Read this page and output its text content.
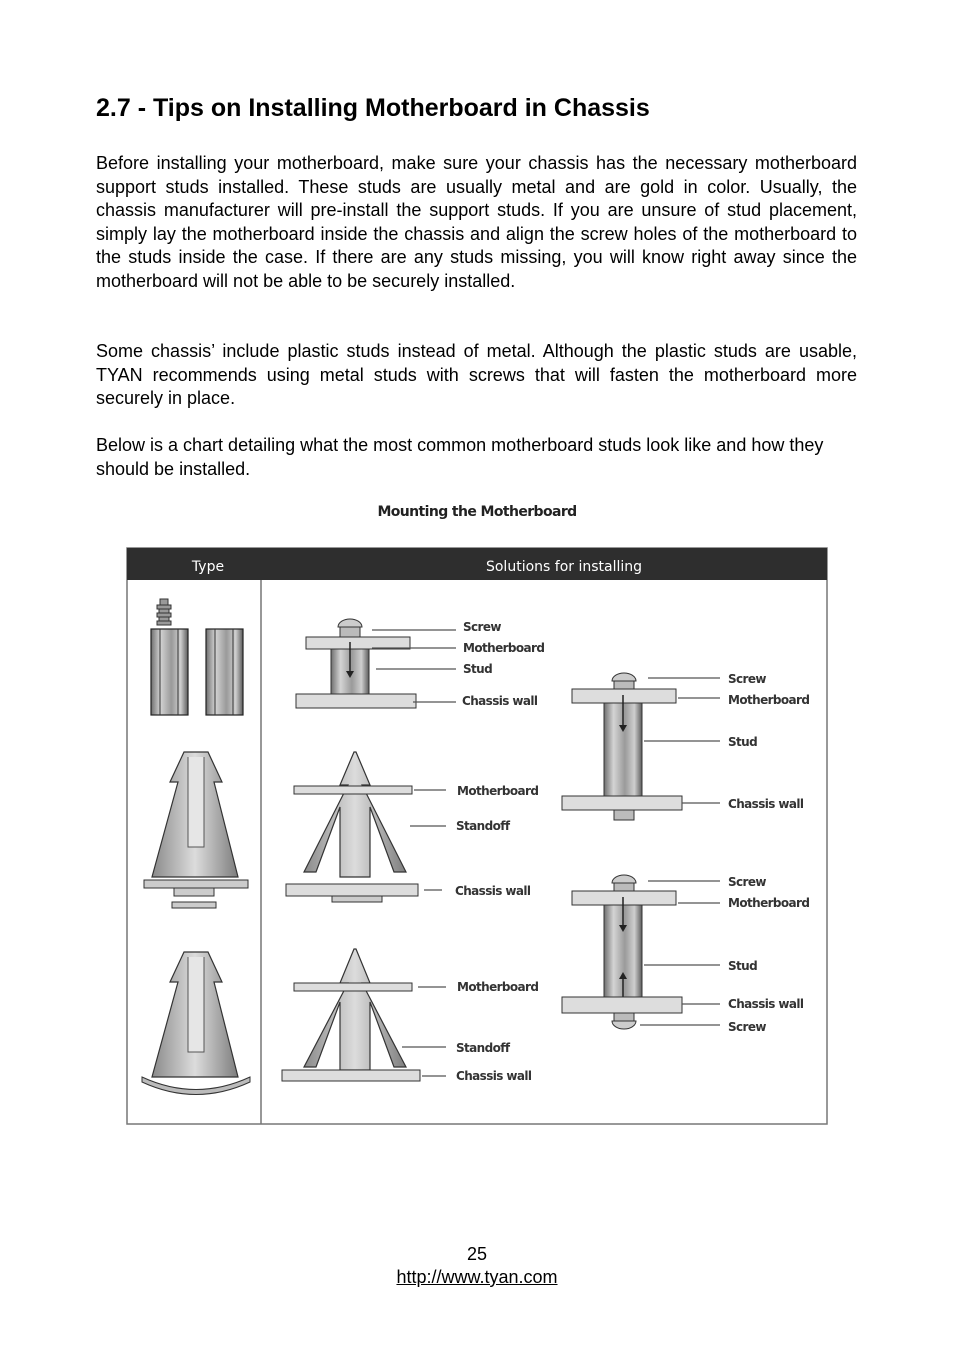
2.7 - Tips on Installing Motherboard in Chassis

Before installing your motherboard, make sure your chassis has the necessary motherboard support studs installed. These studs are usually metal and are gold in color. Usually, the chassis manufacturer will pre-install the support studs. If you are unsure of stud placement, simply lay the motherboard inside the chassis and align the screw holes of the motherboard to the studs inside the case. If there are any studs missing, you will know right away since the motherboard will not be able to be securely installed.

Some chassis’ include plastic studs instead of metal. Although the plastic studs are usable, TYAN recommends using metal studs with screws that will fasten the motherboard more securely in place.

Below is a chart detailing what the most common motherboard studs look like and how they should be installed.

Mounting the Motherboard
Type	Solutions for installing
Screw
Motherboard
Stud
Chassis wall
Motherboard
Standoff
Chassis wall
Motherboard
Standoff
Chassis wall
Screw
Motherboard
Stud
Chassis wall
Screw
Motherboard
Stud
Chassis wall
Screw
25
http://www.tyan.com
